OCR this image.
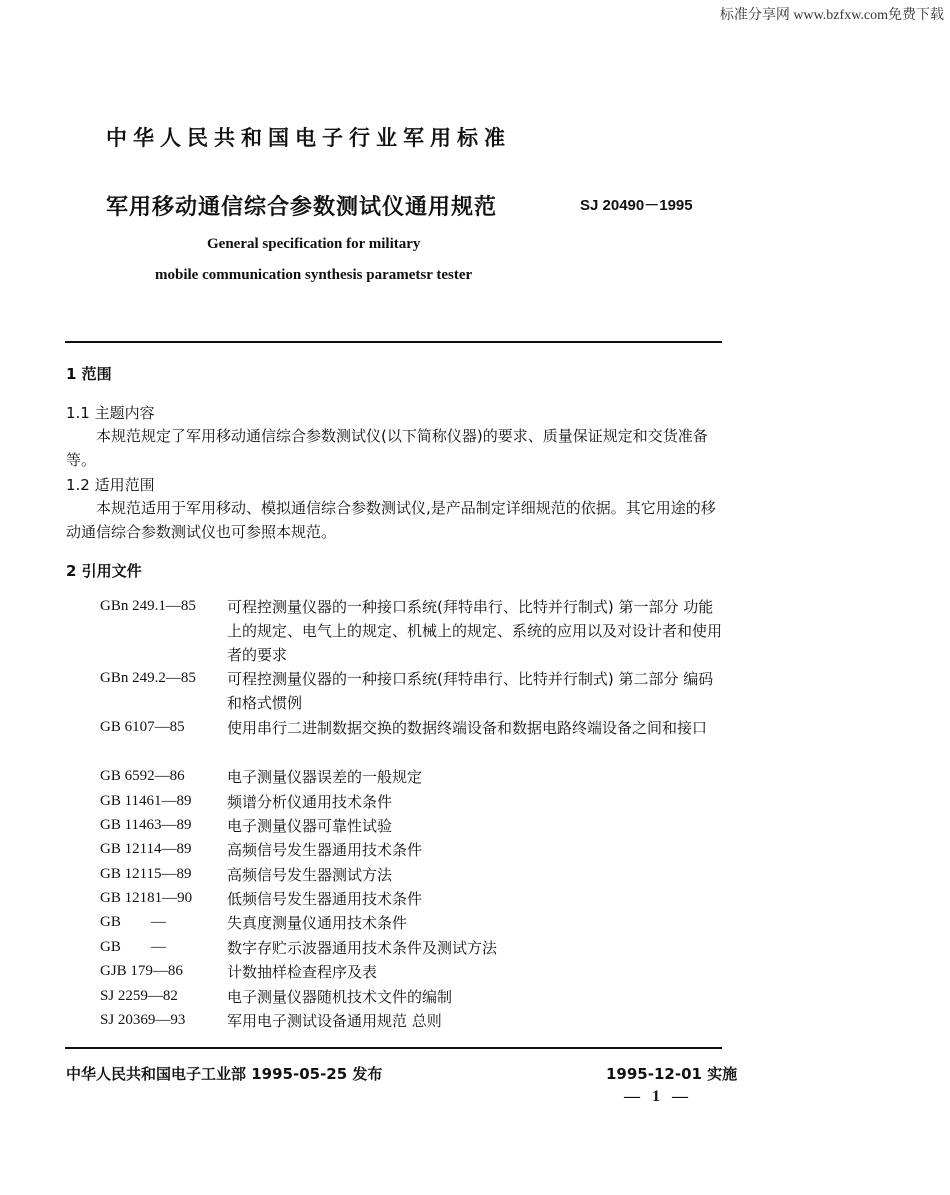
标准分享网 www.bzfxw.com免费下载
中华人民共和国电子行业军用标准
军用移动通信综合参数测试仪通用规范	SJ 20490－1995
General specification for military
mobile communication synthesis parametsr tester
1 范围
1.1 主题内容
本规范规定了军用移动通信综合参数测试仪(以下简称仪器)的要求、质量保证规定和交货准备等。
1.2 适用范围
本规范适用于军用移动、模拟通信综合参数测试仪,是产品制定详细规范的依据。其它用途的移动通信综合参数测试仪也可参照本规范。
2 引用文件
GBn 249.1—85 可程控测量仪器的一种接口系统(拜特串行、比特并行制式) 第一部分 功能上的规定、电气上的规定、机械上的规定、系统的应用以及对设计者和使用者的要求
GBn 249.2—85 可程控测量仪器的一种接口系统(拜特串行、比特并行制式) 第二部分 编码和格式惯例
GB 6107—85	使用串行二进制数据交换的数据终端设备和数据电路终端设备之间和接口
GB 6592—86	电子测量仪器误差的一般规定
GB 11461—89 频谱分析仪通用技术条件
GB 11463—89 电子测量仪器可靠性试验
GB 12114—89 高频信号发生器通用技术条件
GB 12115—89 高频信号发生器测试方法
GB 12181—90 低频信号发生器通用技术条件
GB        —	失真度测量仪通用技术条件
GB        —	数字存贮示波器通用技术条件及测试方法
GJB 179—86	计数抽样检查程序及表
SJ 2259—82	电子测量仪器随机技术文件的编制
SJ 20369—93	军用电子测试设备通用规范 总则
中华人民共和国电子工业部 1995-05-25 发布	1995-12-01 实施
— 1 —
